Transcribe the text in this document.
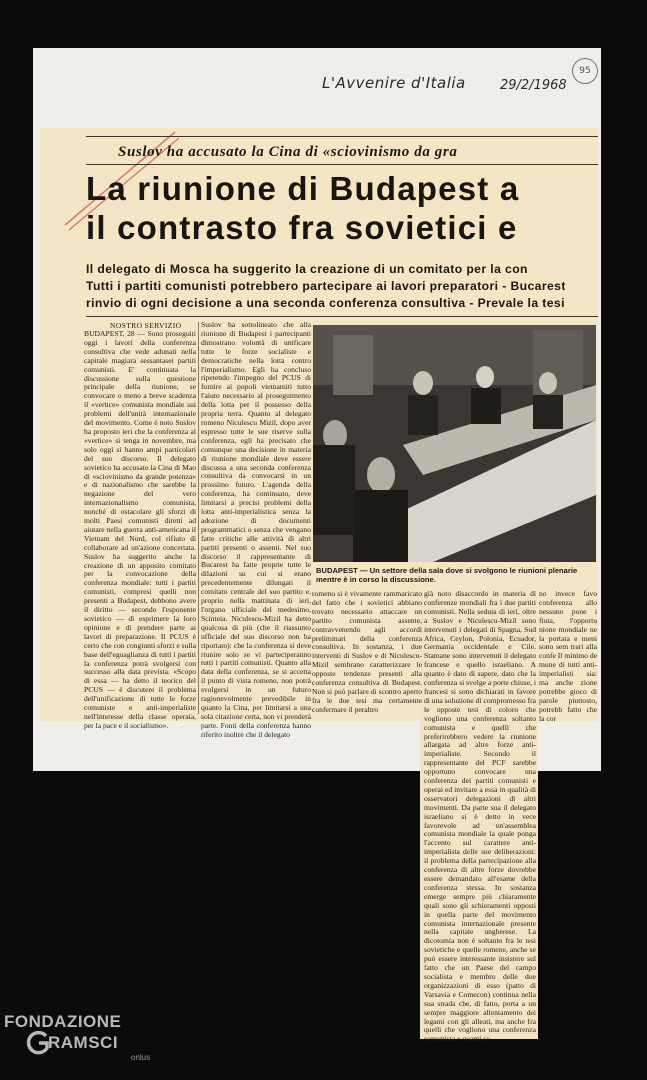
L'Avvenire d'Italia	29/2/1968
95
Suslov ha accusato la Cina di «sciovinismo da gra
La riunione di Budapest a
il contrasto fra sovietici e
Il delegato di Mosca ha suggerito la creazione di un comitato per la con
Tutti i partiti comunisti potrebbero partecipare ai lavori preparatori - Bucarest
rinvio di ogni decisione a una seconda conferenza consultiva - Prevale la tesi
NOSTRO SERVIZIO
BUDAPEST, 28 — Sono proseguiti oggi i lavori della conferenza consultiva che vede adunati nella capitale magiara sessantasei partiti comunisti. E' continuata la discussione sulla questione principale della riunione, se convocare o meno a breve scadenza il «vertice» comunista mondiale sui problemi dell'unità internazionale del movimento. Come è noto Suslov ha proposto ieri che la conferenza al «vertice» si tenga in novembre, ma solo oggi si hanno ampi particolari del suo discorso. Il delegato sovietico ha accusato la Cina di Mao di «sciovinismo da grande potenza» e di nazionalismo che sarebbe la negazione del vero internazionalismo comunista, nonché di ostacolare gli sforzi di molti Paesi comunisti diretti ad aiutare nella guerra anti-americana il Vietnam del Nord, col rifiuto di collaborare ad un'azione concertata. Suslov ha suggerito anche la creazione di un apposito comitato per la convocazione della conferenza mondiale: tutti i partiti comunisti, compresi quelli non presenti a Budapest, debbono avere il diritto — secondo l'esponente sovietico — di esprimere la loro opinione e di prendere parte ai lavori di preparazione. Il PCUS è certo che con congiunti sforzi e sulla base dell'eguaglianza di tutti i partiti la conferenza potrà svolgersi con successo alla data prevista. «Scopo di essa — ha detto il teorico del PCUS — è discutere il problema dell'unificazione di tutte le forze comuniste e anti-imperialiste nell'interesse della classe operaia, per la pace e il socialismo».
Suslov ha sottolineato che alla riunione di Budapest i partecipanti dimostrano volontà di unificare tutte le forze socialiste e democratiche nella lotta contro l'imperialismo. Egli ha concluso ripetendo l'impegno del PCUS di fornire ai popoli vietnamiti tutto l'aiuto necessario al proseguimento della lotta per il possesso della propria terra. Quanto al delegato romeno Niculescu Mizil, dopo aver espresso tutte le sue riserve sulla conferenza, egli ha precisato che comunque una decisione in materia di riunione mondiale deve essere discussa a una seconda conferenza consultiva da convocarsi in un prossimo futuro. L'agenda della conferenza, ha continuato, deve limitarsi a precisi problemi della lotta anti-imperialistica senza la adozione di documenti programmatici o senza che vengano fatte critiche alle attività di altri partiti presenti o assenti. Nel suo discorso il rappresentante di Bucarest ha fatte proprie tutte le dilazioni su cui si erano precedentemente dilungati il comitato centrale del suo partito e, proprio nella mattinata di ieri, l'organo ufficiale del medesimo, Scinteia. Niculescu-Mizil ha detto qualcosa di più (che il riassunto ufficiale del suo discorso non ha riportato): che la conferenza si deve riunire solo se vi parteciperanno tutti i partiti comunisti. Quanto alla data della conferenza, se si accetta il punto di vista romeno, non potrà svolgersi in un futuro ragionevolmente prevedibile in quanto la Cina, per limitarsi a una sola citazione certa, non vi prenderà parte. Fonti della conferenza hanno riferito inoltre che il delegato
BUDAPEST — Un settore della sala dove si svolgono le riunioni plenarie mentre è in corso la discussione.
romeno si è vivamente rammaricato del fatto che i sovietici abbiano trovato necessario attaccare un partito comunista assente, contravvenendo agli accordi preliminari della conferenza consultiva. In sostanza, i due interventi di Suslov e di Niculescu-Mizil sembrano caratterizzare le opposte tendenze presenti alla conferenza consultiva di Budapest. Non si può parlare di scontro aperto fra le due tesi ma certamente confermare il peraltro
già noto disaccordo in materia di conferenze mondiali fra i due partiti comunisti. Nella seduta di ieri, oltre a Suslov e Niculescu-Mizil sono intervenuti i delegati di Spagna, Sud Africa, Ceylon, Polonia, Ecuador, Germania occidentale e Cile. Stamane sono intervenuti il delegato francese e quello israeliano. A quanto è dato di sapere, dato che la conferenza si svolge a porte chiuse, i francesi si sono dichiarati in favore di una soluzione di compromesso fra le opposte tesi di coloro che vogliono una conferenza soltanto comunista e quelli che preferirebbero vedere la riunione allargata ad altre forze anti-imperialiste. Secondo il rappresentante del PCF sarebbe opportuno convocare una conferenza dei partiti comunisti e operai ed invitare a essa in qualità di osservatori delegazioni di altri movimenti. Da parte sua il delegato israeliano si è detto in vece favorevole ad un'assemblea comunista mondiale la quale ponga l'accento sul carattere anti-imperialista delle sue deliberazioni: il problema della partecipazione alla conferenza di altre forze dovrebbe essere demandato all'esame della conferenza stessa. In sostanza emerge sempre più chiaramente quali sono gli schieramenti opposti in quella parte del movimento comunista internazionale presente nella capitale ungherese. La dicotomia non è soltanto fra le tesi sovietiche e quelle romene, anche se può essere interessante insistere sul fatto che un Paese del campo socialista e membro delle due organizzazioni di esso (patto di Varsavia e Comecon) continua nella sua strada che, di fatto, porta a un sempre maggiore allentamento dei legami con gli alleati, ma anche fra quelli che vogliono una conferenza comunista e quanti so
no invece favo conferenza allo nessuno pone i fiuta, l'opportu nione mondiale ne la portata e meni sono sem trari alla confe Il minimo de mune di tutti anti-imperialisti sia: ma anche zione potrebbe gioco di parole piuttosto, potrebb fatto che la cor
FONDAZIONE
RAMSCI
onlus
